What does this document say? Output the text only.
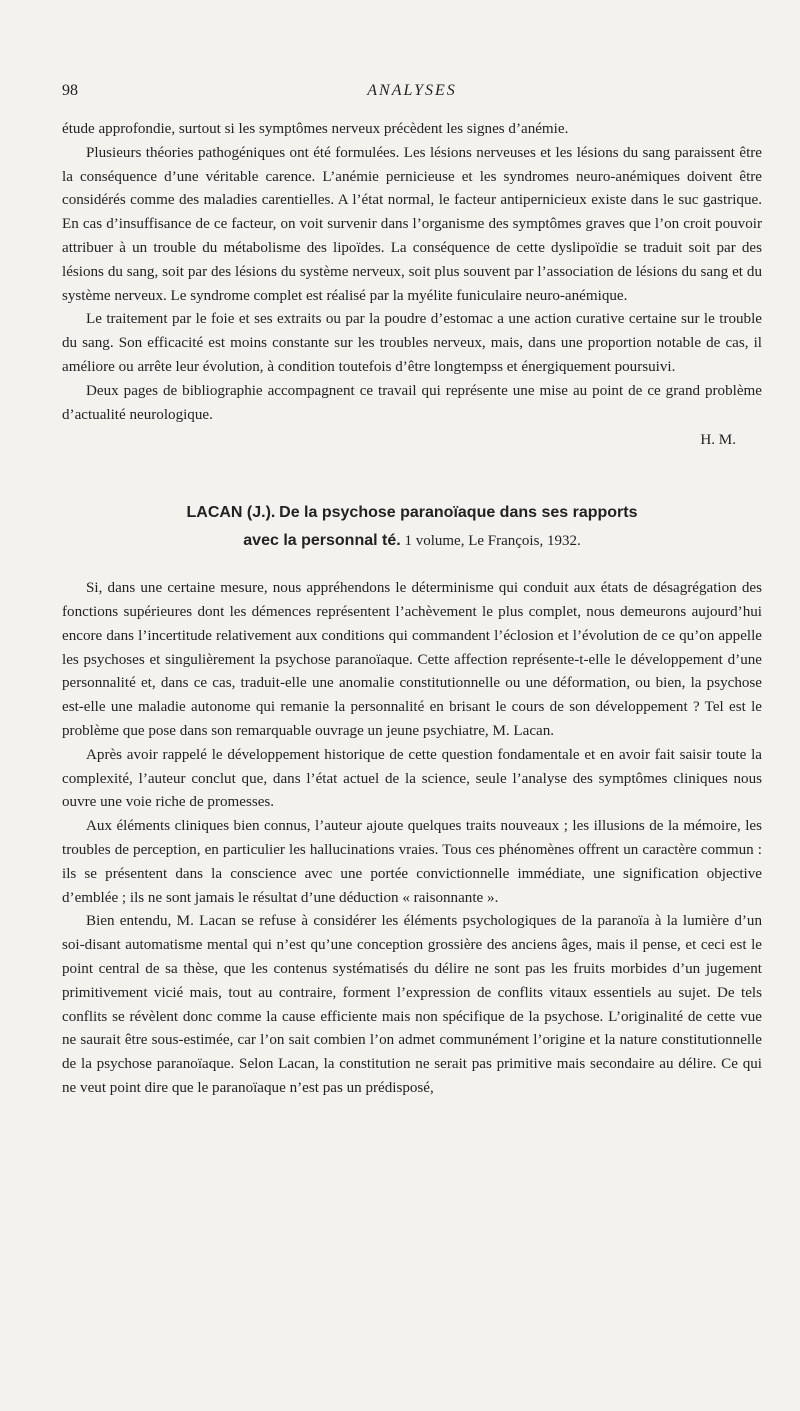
98	ANALYSES

étude approfondie, surtout si les symptômes nerveux précèdent les signes d’anémie.

Plusieurs théories pathogéniques ont été formulées. Les lésions nerveuses et les lésions du sang paraissent être la conséquence d’une véritable carence. L’anémie pernicieuse et les syndromes neuro-anémiques doivent être considérés comme des maladies carentielles. A l’état normal, le facteur antipernicieux existe dans le suc gastrique. En cas d’insuffisance de ce facteur, on voit survenir dans l’organisme des symptômes graves que l’on croit pouvoir attribuer à un trouble du métabolisme des lipoïdes. La conséquence de cette dyslipoïdie se traduit soit par des lésions du sang, soit par des lésions du système nerveux, soit plus souvent par l’association de lésions du sang et du système nerveux. Le syndrome complet est réalisé par la myélite funiculaire neuro-anémique.

Le traitement par le foie et ses extraits ou par la poudre d’estomac a une action curative certaine sur le trouble du sang. Son efficacité est moins constante sur les troubles nerveux, mais, dans une proportion notable de cas, il améliore ou arrête leur évolution, à condition toutefois d’être longtempss et énergiquement poursuivi.

Deux pages de bibliographie accompagnent ce travail qui représente une mise au point de ce grand problème d’actualité neurologique.

H. M.
LACAN (J.). De la psychose paranoïaque dans ses rapports
avec la personnal té. 1 volume, Le François, 1932.

Si, dans une certaine mesure, nous appréhendons le déterminisme qui conduit aux états de désagrégation des fonctions supérieures dont les démences représentent l’achèvement le plus complet, nous demeurons aujourd’hui encore dans l’incertitude relativement aux conditions qui commandent l’éclosion et l’évolution de ce qu’on appelle les psychoses et singulièrement la psychose paranoïaque. Cette affection représente-t-elle le développement d’une personnalité et, dans ce cas, traduit-elle une anomalie constitutionnelle ou une déformation, ou bien, la psychose est-elle une maladie autonome qui remanie la personnalité en brisant le cours de son développement ? Tel est le problème que pose dans son remarquable ouvrage un jeune psychiatre, M. Lacan.

Après avoir rappelé le développement historique de cette question fondamentale et en avoir fait saisir toute la complexité, l’auteur conclut que, dans l’état actuel de la science, seule l’analyse des symptômes cliniques nous ouvre une voie riche de promesses.

Aux éléments cliniques bien connus, l’auteur ajoute quelques traits nouveaux ; les illusions de la mémoire, les troubles de perception, en particulier les hallucinations vraies. Tous ces phénomènes offrent un caractère commun : ils se présentent dans la conscience avec une portée convictionnelle immédiate, une signification objective d’emblée ; ils ne sont jamais le résultat d’une déduction « raisonnante ».

Bien entendu, M. Lacan se refuse à considérer les éléments psychologiques de la paranoïa à la lumière d’un soi-disant automatisme mental qui n’est qu’une conception grossière des anciens âges, mais il pense, et ceci est le point central de sa thèse, que les contenus systématisés du délire ne sont pas les fruits morbides d’un jugement primitivement vicié mais, tout au contraire, forment l’expression de conflits vitaux essentiels au sujet. De tels conflits se révèlent donc comme la cause efficiente mais non spécifique de la psychose. L’originalité de cette vue ne saurait être sous-estimée, car l’on sait combien l’on admet communément l’origine et la nature constitutionnelle de la psychose paranoïaque. Selon Lacan, la constitution ne serait pas primitive mais secondaire au délire. Ce qui ne veut point dire que le paranoïaque n’est pas un prédisposé,
